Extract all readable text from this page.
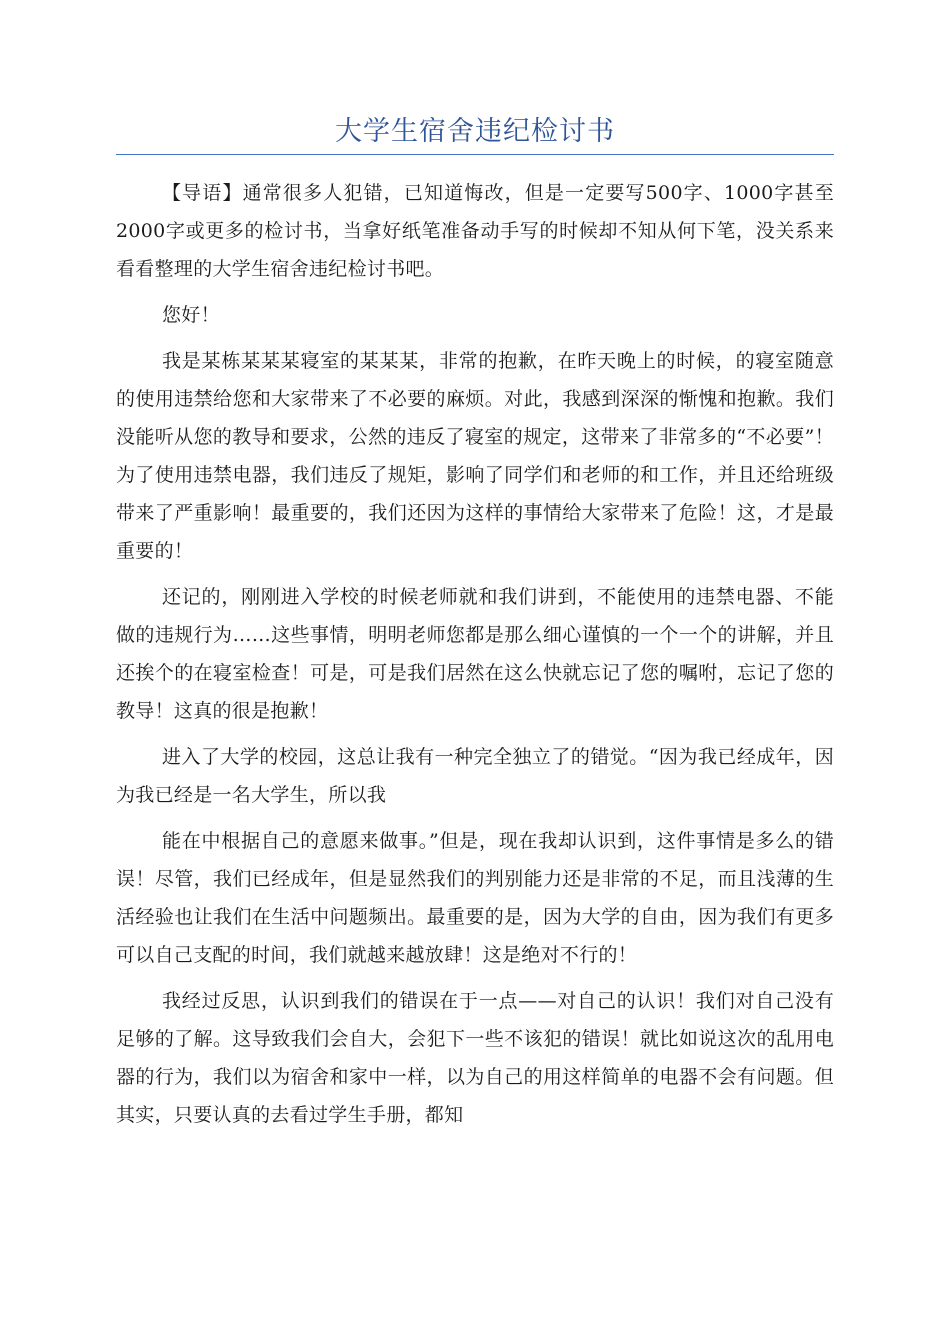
大学生宿舍违纪检讨书

【导语】通常很多人犯错，已知道悔改，但是一定要写500字、1000字甚至2000字或更多的检讨书，当拿好纸笔准备动手写的时候却不知从何下笔，没关系来看看整理的大学生宿舍违纪检讨书吧。

您好！

我是某栋某某某寝室的某某某，非常的抱歉，在昨天晚上的时候，的寝室随意的使用违禁给您和大家带来了不必要的麻烦。对此，我感到深深的惭愧和抱歉。我们没能听从您的教导和要求，公然的违反了寝室的规定，这带来了非常多的“不必要”！为了使用违禁电器，我们违反了规矩，影响了同学们和老师的和工作，并且还给班级带来了严重影响！最重要的，我们还因为这样的事情给大家带来了危险！这，才是最重要的！

还记的，刚刚进入学校的时候老师就和我们讲到，不能使用的违禁电器、不能做的违规行为……这些事情，明明老师您都是那么细心谨慎的一个一个的讲解，并且还挨个的在寝室检查！可是，可是我们居然在这么快就忘记了您的嘱咐，忘记了您的教导！这真的很是抱歉！

进入了大学的校园，这总让我有一种完全独立了的错觉。“因为我已经成年，因为我已经是一名大学生，所以我

能在中根据自己的意愿来做事。”但是，现在我却认识到，这件事情是多么的错误！尽管，我们已经成年，但是显然我们的判别能力还是非常的不足，而且浅薄的生活经验也让我们在生活中问题频出。最重要的是，因为大学的自由，因为我们有更多可以自己支配的时间，我们就越来越放肆！这是绝对不行的！

我经过反思，认识到我们的错误在于一点——对自己的认识！我们对自己没有足够的了解。这导致我们会自大，会犯下一些不该犯的错误！就比如说这次的乱用电器的行为，我们以为宿舍和家中一样，以为自己的用这样简单的电器不会有问题。但其实，只要认真的去看过学生手册，都知
